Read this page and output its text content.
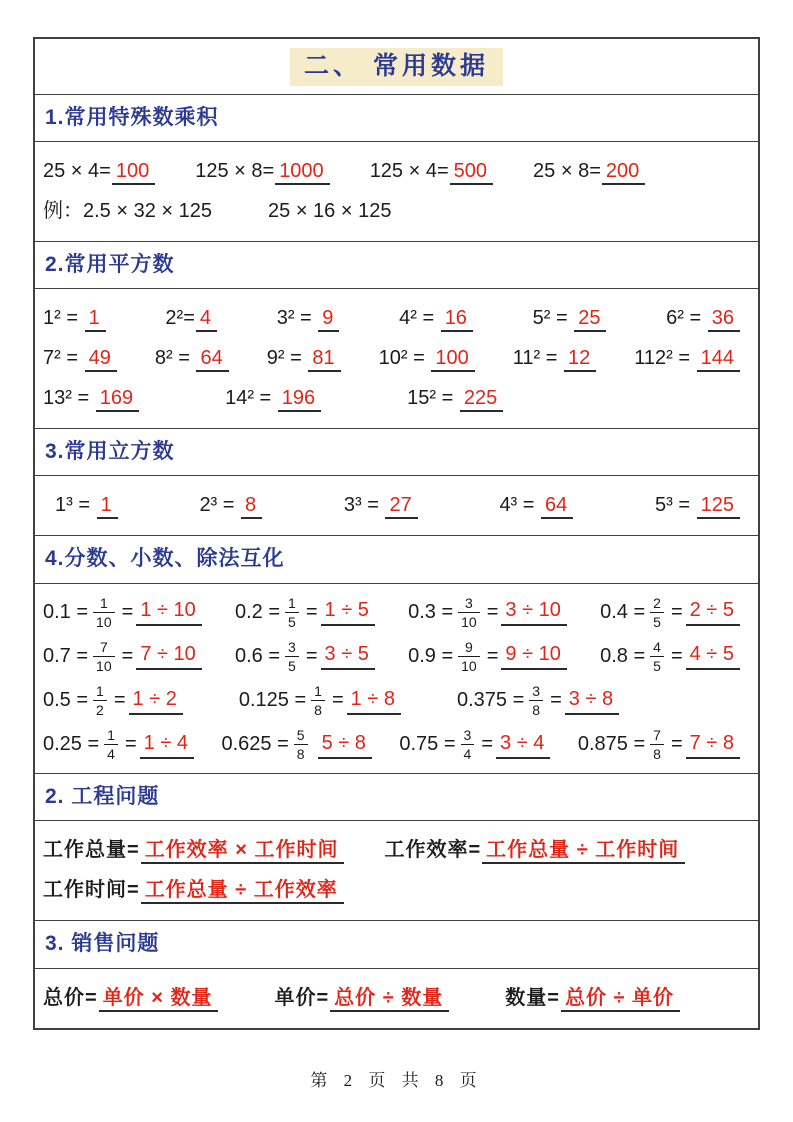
二、 常用数据
1.常用特殊数乘积
25 × 4= 100	125 × 8= 1000	125 × 4= 500	25 × 8= 200
例：2.5 × 32 × 125	25 × 16 × 125
2.常用平方数
1² = 1	2²= 4	3² = 9	4² = 16	5² = 25	6² = 36
7² = 49	8² = 64	9² = 81	10² = 100	11² = 12	112² = 144
13² = 169	14² = 196	15² = 225
3.常用立方数
1³ = 1	2³ = 8	3³ = 27	4³ = 64	5³ = 125
4.分数、小数、除法互化
$0.1 = \frac{1}{10} = 1 \div 10$	$0.2 = \frac{1}{5} = 1 \div 5$	$0.3 = \frac{3}{10} = 3 \div 10$	$0.4 = \frac{2}{5} = 2 \div 5$
$0.7 = \frac{7}{10} = 7 \div 10$	$0.6 = \frac{3}{5} = 3 \div 5$	$0.9 = \frac{9}{10} = 9 \div 10$	$0.8 = \frac{4}{5} = 4 \div 5$
$0.5 = \frac{1}{2} = 1 \div 2$	$0.125 = \frac{1}{8} = 1 \div 8$	$0.375 = \frac{3}{8} = 3 \div 8$
$0.25 = \frac{1}{4} = 1 \div 4$	$0.625 = \frac{5}{8} 5 \div 8$	$0.75 = \frac{3}{4} = 3 \div 4$	$0.875 = \frac{7}{8} = 7 \div 8$
2. 工程问题
工作总量= 工作效率 × 工作时间	工作效率= 工作总量 ÷ 工作时间
工作时间= 工作总量 ÷ 工作效率
3. 销售问题
总价= 单价 × 数量	单价= 总价 ÷ 数量	数量= 总价 ÷ 单价
第 2 页 共 8 页
